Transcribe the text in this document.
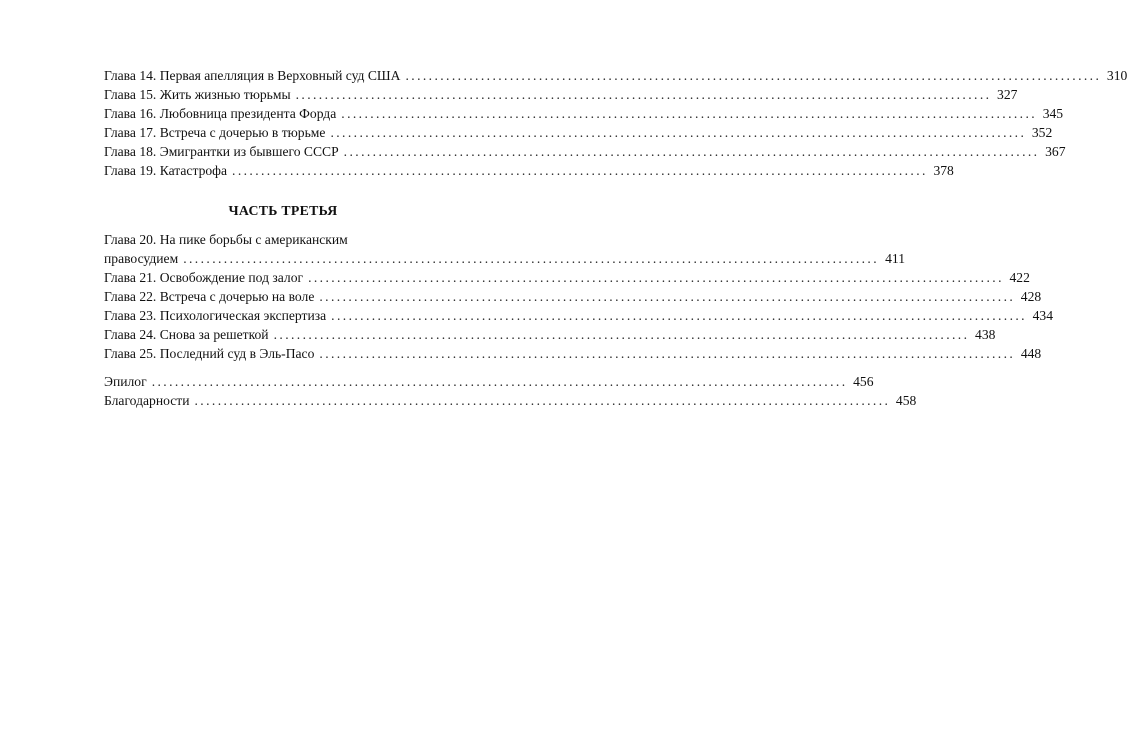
Глава 14. Первая апелляция в Верховный суд США ........................................................................................................................ 310
Глава 15. Жить жизнью тюрьмы ........................................................................................................................ 327
Глава 16. Любовница президента Форда ........................................................................................................................ 345
Глава 17. Встреча с дочерью в тюрьме ........................................................................................................................ 352
Глава 18. Эмигрантки из бывшего СССР ........................................................................................................................ 367
Глава 19. Катастрофа ........................................................................................................................ 378
ЧАСТЬ ТРЕТЬЯ
Глава 20. На пике борьбы с американским
правосудием ........................................................................................................................ 411
Глава 21. Освобождение под залог ........................................................................................................................ 422
Глава 22. Встреча с дочерью на воле ........................................................................................................................ 428
Глава 23. Психологическая экспертиза ........................................................................................................................ 434
Глава 24. Снова за решеткой ........................................................................................................................ 438
Глава 25. Последний суд в Эль-Пасо ........................................................................................................................ 448
Эпилог ........................................................................................................................ 456
Благодарности ........................................................................................................................ 458
